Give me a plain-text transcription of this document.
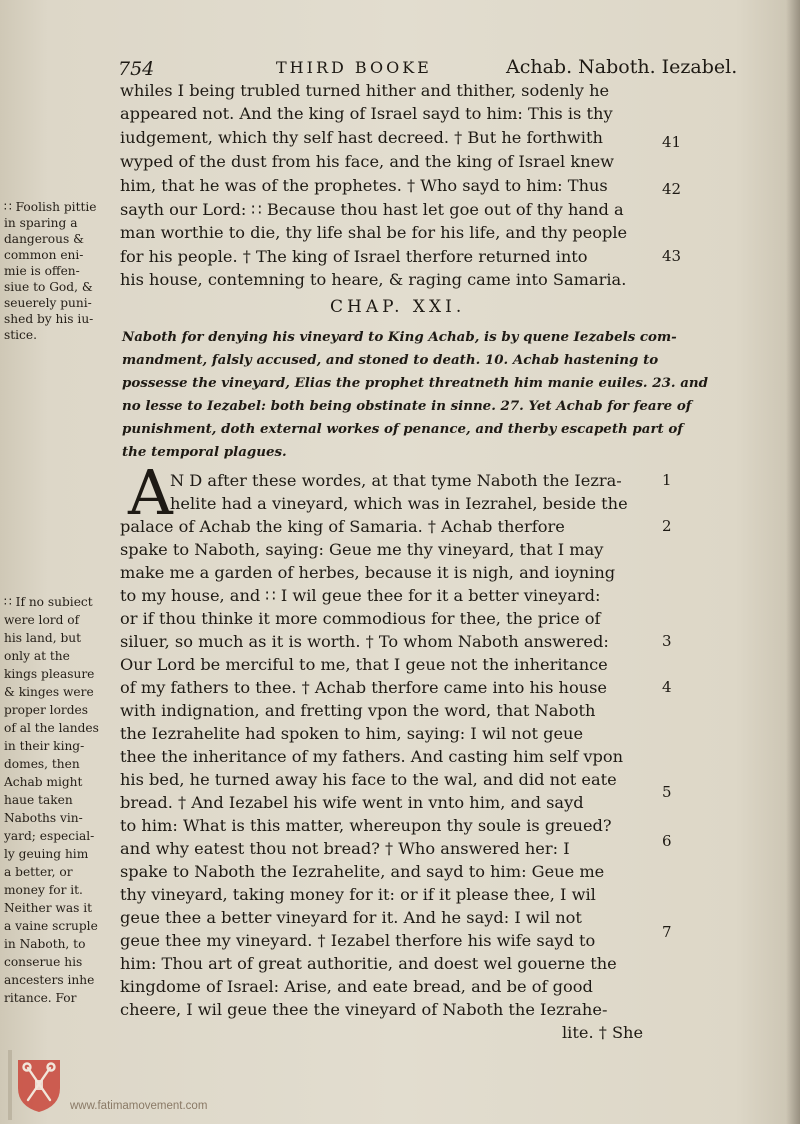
754	THIRD BOOKE	Achab. Naboth. Iezabel.
whiles I being trubled turned hither and thither, sodenly he
appeared not. And the king of Israel sayd to him: This is thy
iudgement, which thy self hast decreed. † But he forthwith
wyped of the dust from his face, and the king of Israel knew
him, that he was of the prophetes. † Who sayd to him: Thus
sayth our Lord: ∷ Because thou hast let goe out of thy hand a
man worthie to die, thy life shal be for his life, and thy people
for his people. † The king of Israel therfore returned into
his house, contemning to heare, & raging came into Samaria.
41
42
43
∷ Foolish pittie
in sparing a
dangerous &
common eni-
mie is offen-
siue to God, &
seuerely puni-
shed by his iu-
stice.
CHAP. XXI.
Naboth for denying his vineyard to King Achab, is by quene Iezabels com-
mandment, falsly accused, and stoned to death. 10. Achab hastening to
possesse the vineyard, Elias the prophet threatneth him manie euiles. 23. and
no lesse to Iezabel: both being obstinate in sinne. 27. Yet Achab for feare of
punishment, doth external workes of penance, and therby escapeth part of
the temporal plagues.
A
N D after these wordes, at that tyme Naboth the Iezra-
helite had a vineyard, which was in Iezrahel, beside the
palace of Achab the king of Samaria. † Achab therfore
spake to Naboth, saying: Geue me thy vineyard, that I may
make me a garden of herbes, because it is nigh, and ioyning
to my house, and ∷ I wil geue thee for it a better vineyard:
or if thou thinke it more commodious for thee, the price of
siluer, so much as it is worth. † To whom Naboth answered:
Our Lord be merciful to me, that I geue not the inheritance
of my fathers to thee. † Achab therfore came into his house
with indignation, and fretting vpon the word, that Naboth
the Iezrahelite had spoken to him, saying: I wil not geue
thee the inheritance of my fathers. And casting him self vpon
his bed, he turned away his face to the wal, and did not eate
bread. † And Iezabel his wife went in vnto him, and sayd
to him: What is this matter, whereupon thy soule is greued?
and why eatest thou not bread? † Who answered her: I
spake to Naboth the Iezrahelite, and sayd to him: Geue me
thy vineyard, taking money for it: or if it please thee, I wil
geue thee a better vineyard for it. And he sayd: I wil not
geue thee my vineyard. † Iezabel therfore his wife sayd to
him: Thou art of great authoritie, and doest wel gouerne the
kingdome of Israel: Arise, and eate bread, and be of good
cheere, I wil geue thee the vineyard of Naboth the Iezrahe-
lite. † She
1
2
3
4
5
6
7
∷ If no subiect
were lord of
his land, but
only at the
kings pleasure
& kinges were
proper lordes
of al the landes
in their king-
domes, then
Achab might
haue taken
Naboths vin-
yard; especial-
ly geuing him
a better, or
money for it.
Neither was it
a vaine scruple
in Naboth, to
conserue his
ancesters inhe
ritance. For
www.fatimamovement.com
